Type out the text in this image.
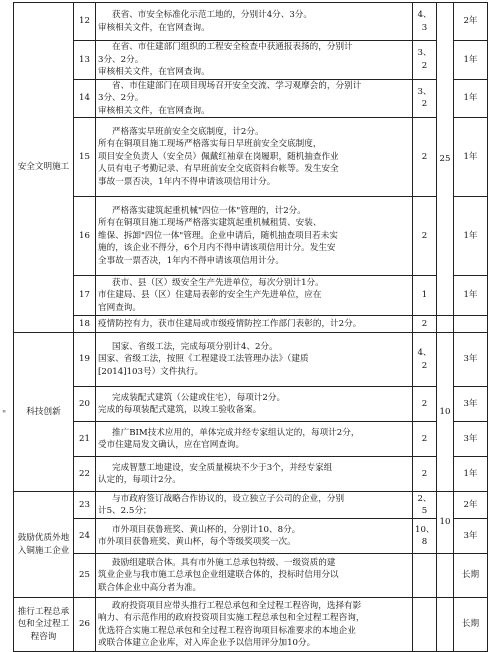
"
安全文明施工	12	获省、市安全标准化示范工地的，分别计4分、3分。
审核相关文件，在官网查询。	4、3	25	2年
	13	在省、市住建部门组织的工程安全检查中获通报表扬的，分别计
3分、2分。
审核相关文件，在官网查询。	3、2		1年
	14	省、市住建部门在项目现场召开安全交流、学习观摩会的，分别计
3分、2分。
审核相关文件，在官网查询。	3、2		1年
	15	严格落实早班前安全交底制度，计2分。
所有在铜项目施工现场严格落实每日早班前安全交底制度，
项目安全负责人（安全员）佩戴红袖章在岗履职，随机抽查作业
人员有电子考勤记录、有早班前安全交底资料台帐等。发生安全
事故一票否决，1年内不得申请该项信用计分。	2		1年
	16	严格落实建筑起重机械"四位一体"管理的，计2分。
所有在铜项目施工现场严格落实建筑起重机械租赁、安装、
维保、拆卸"四位一体"管理。企业申请后，随机抽查项目若未实
施的，该企业不得分，6个月内不得申请该项信用计分。发生安
全事故一票否决，1年内不得申请该项信用计分。	2		1年
	17	获市、县（区）级安全生产先进单位，每次分别计1分。
市住建局、县（区）住建局表彰的安全生产先进单位，应在
官网查询。	1		1年
	18	疫情防控有力，获市住建局或市级疫情防控工作部门表彰的，计2分。	2		
科技创新	19	国家、省级工法，完成每项分别计4、2分。
国家、省级工法，按照《工程建设工法管理办法》（建质
[2014]103号）文件执行。	4、2	10	3年
	20	完成装配式建筑（公建或住宅），每项计2分。
完成的每项装配式建筑，以竣工验收备案。	2		3年
	21	推广BIM技术应用的，单体完成并经专家组认定的，每项计2分，
受市住建局发文确认，应在官网查询。	2		3年
	22	完成智慧工地建设，安全质量模块不少于3个，并经专家组
认定的，每项计2分。	2		1年
鼓励优质外地入铜施工企业	23	与市政府签订战略合作协议的，设立独立子公司的企业，分别
计5、2.5分；	2、5	10	2年
	24	市外项目获鲁班奖、黄山杯的，分别计10、8分。
市外项目获鲁班奖、黄山杯，每个等级奖项奖一次。	10、8		3年
	25	鼓励组建联合体。具有市外施工总承包特级、一级资质的建
筑业企业与我市施工总承包企业组建联合体的，投标时信用分以
联合体企业中高分者为准。			长期
推行工程总承包和全过程工程咨询	26	政府投资项目应带头推行工程总承包和全过程工程咨询，选择有影
响力、有示范作用的政府投资项目实施工程总承包和全过程工程咨询，
优选符合实施工程总承包和全过程工程咨询项目标准要求的本地企业
或联合体建立企业库，对入库企业予以信用评分加10分。			长期
